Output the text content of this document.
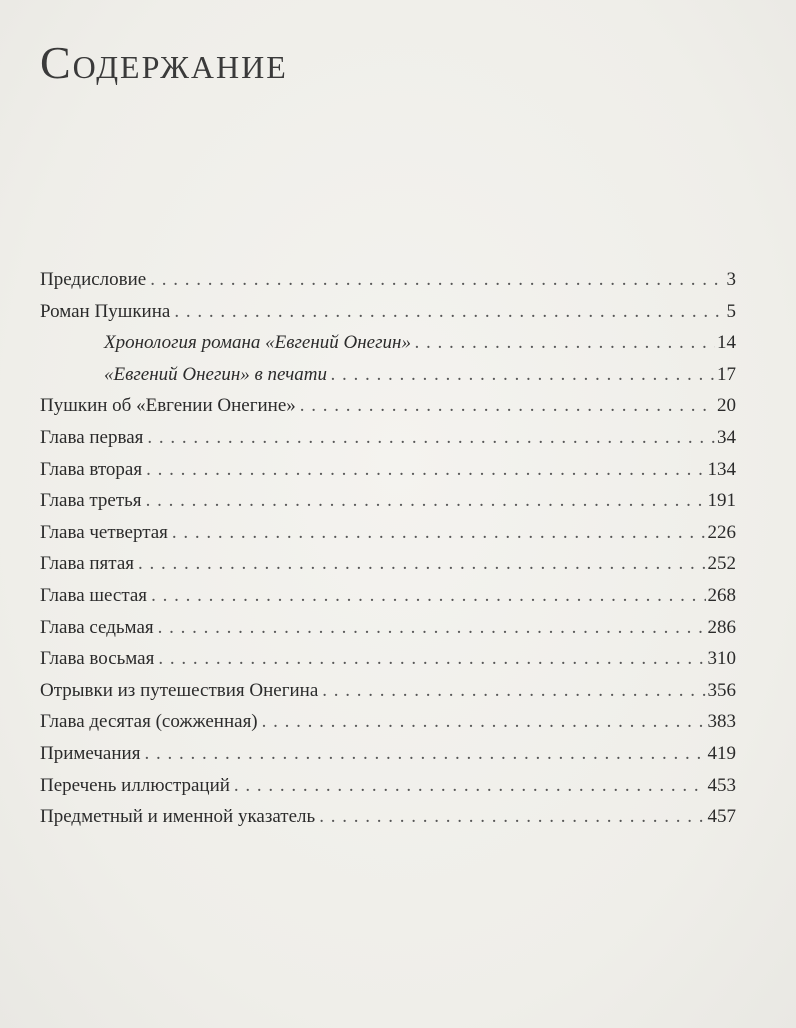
Содержание
Предисловие . . .	3
Роман Пушкина . . .	5
Хронология романа «Евгений Онегин» . . .	14
«Евгений Онегин» в печати . . .	17
Пушкин об «Евгении Онегине» . . .	20
Глава первая . . .	34
Глава вторая . . .	134
Глава третья . . .	191
Глава четвертая . . .	226
Глава пятая . . .	252
Глава шестая . . .	268
Глава седьмая . . .	286
Глава восьмая . . .	310
Отрывки из путешествия Онегина . . .	356
Глава десятая (сожженная) . . .	383
Примечания . . .	419
Перечень иллюстраций . . .	453
Предметный и именной указатель . . .	457
